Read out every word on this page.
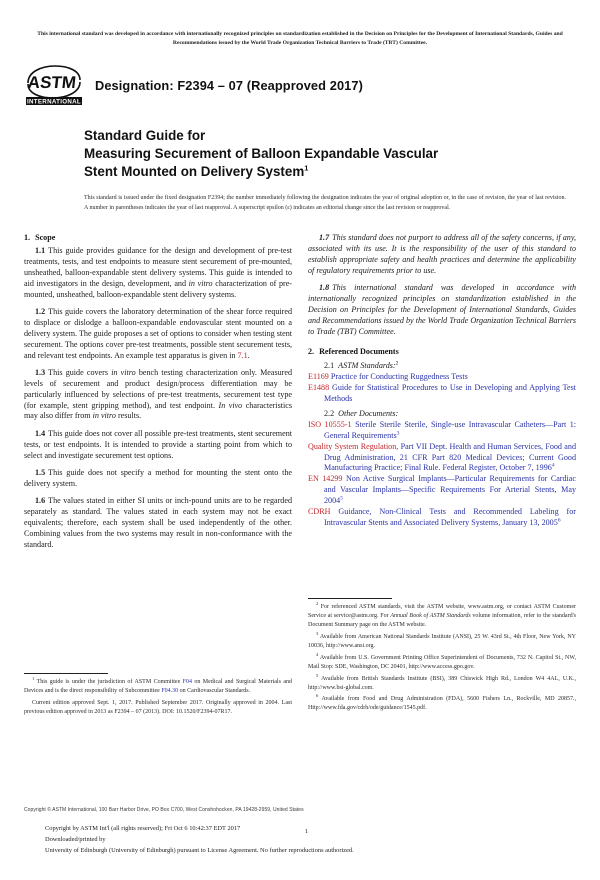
This international standard was developed in accordance with internationally recognized principles on standardization established in the Decision on Principles for the Development of International Standards, Guides and Recommendations issued by the World Trade Organization Technical Barriers to Trade (TBT) Committee.
ASTM
INTERNATIONAL
Designation: F2394 – 07 (Reapproved 2017)
Standard Guide for
Measuring Securement of Balloon Expandable Vascular
Stent Mounted on Delivery System$^1$
This standard is issued under the fixed designation F2394; the number immediately following the designation indicates the year of original adoption or, in the case of revision, the year of last revision. A number in parentheses indicates the year of last reapproval. A superscript epsilon (ε) indicates an editorial change since the last revision or reapproval.
1. Scope

1.1 This guide provides guidance for the design and development of pre-test treatments, tests, and test endpoints to measure stent securement of pre-mounted, unsheathed, balloon-expandable stent delivery systems. This guide is intended to aid investigators in the design, development, and in vitro characterization of pre-mounted, unsheathed, balloon-expandable stent delivery systems.

1.2 This guide covers the laboratory determination of the shear force required to displace or dislodge a balloon-expandable endovascular stent mounted on a delivery system. The guide proposes a set of options to consider when testing stent securement. The options cover pre-test treatments, possible stent securement tests, and relevant test endpoints. An example test apparatus is given in 7.1.

1.3 This guide covers in vitro bench testing characterization only. Measured levels of securement and product design/process differentiation may be particularly influenced by selections of pre-test treatments, securement test type (for example, stent gripping method), and test endpoint. In vivo characteristics may also differ from in vitro results.

1.4 This guide does not cover all possible pre-test treatments, stent securement tests, or test endpoints. It is intended to provide a starting point from which to select and investigate securement test options.

1.5 This guide does not specify a method for mounting the stent onto the delivery system.

1.6 The values stated in either SI units or inch-pound units are to be regarded separately as standard. The values stated in each system may not be exact equivalents; therefore, each system shall be used independently of the other. Combining values from the two systems may result in non-conformance with the standard.

$^1$ This guide is under the jurisdiction of ASTM Committee F04 on Medical and Surgical Materials and Devices and is the direct responsibility of Subcommittee F04.30 on Cardiovascular Standards.

Current edition approved Sept. 1, 2017. Published September 2017. Originally approved in 2004. Last previous edition approved in 2013 as F2394 – 07 (2013). DOI: 10.1520/F2394-07R17.

1.7 This standard does not purport to address all of the safety concerns, if any, associated with its use. It is the responsibility of the user of this standard to establish appropriate safety and health practices and determine the applicability of regulatory requirements prior to use.

1.8 This international standard was developed in accordance with internationally recognized principles on standardization established in the Decision on Principles for the Development of International Standards, Guides and Recommendations issued by the World Trade Organization Technical Barriers to Trade (TBT) Committee.

2. Referenced Documents
2.1 ASTM Standards:$^2$
E1169 Practice for Conducting Ruggedness Tests
E1488 Guide for Statistical Procedures to Use in Developing and Applying Test Methods
2.2 Other Documents:
ISO 10555-1 Sterile Sterile Sterile, Single-use Intravascular Catheters—Part 1: General Requirements$^3$
Quality System Regulation, Part VII Dept. Health and Human Services, Food and Drug Administration, 21 CFR Part 820 Medical Devices; Current Good Manufacturing Practice; Final Rule. Federal Register, October 7, 1996$^4$
EN 14299 Non Active Surgical Implants—Particular Requirements for Cardiac and Vascular Implants—Specific Requirements For Arterial Stents, May 2004$^5$
CDRH Guidance, Non-Clinical Tests and Recommended Labeling for Intravascular Stents and Associated Delivery Systems, January 13, 2005$^6$

$^2$ For referenced ASTM standards, visit the ASTM website, www.astm.org, or contact ASTM Customer Service at service@astm.org. For Annual Book of ASTM Standards volume information, refer to the standard's Document Summary page on the ASTM website.

$^3$ Available from American National Standards Institute (ANSI), 25 W. 43rd St., 4th Floor, New York, NY 10036, http://www.ansi.org.

$^4$ Available from U.S. Government Printing Office Superintendent of Documents, 732 N. Capitol St., NW, Mail Stop: SDE, Washington, DC 20401, http://www.access.gpo.gov.

$^5$ Available from British Standards Institute (BSI), 389 Chiswick High Rd., London W4 4AL, U.K., http://www.bsi-global.com.

$^6$ Available from Food and Drug Administration (FDA), 5600 Fishers Ln., Rockville, MD 20857., Http://www.fda.gov/cdrh/ode/guidance/1545.pdf.

Copyright © ASTM International, 100 Barr Harbor Drive, PO Box C700, West Conshohocken, PA 19428-2959, United States
Copyright by ASTM Int'l (all rights reserved); Fri Oct 6 10:42:37 EDT 2017
Downloaded/printed by
University of Edinburgh (University of Edinburgh) pursuant to License Agreement. No further reproductions authorized.
1
